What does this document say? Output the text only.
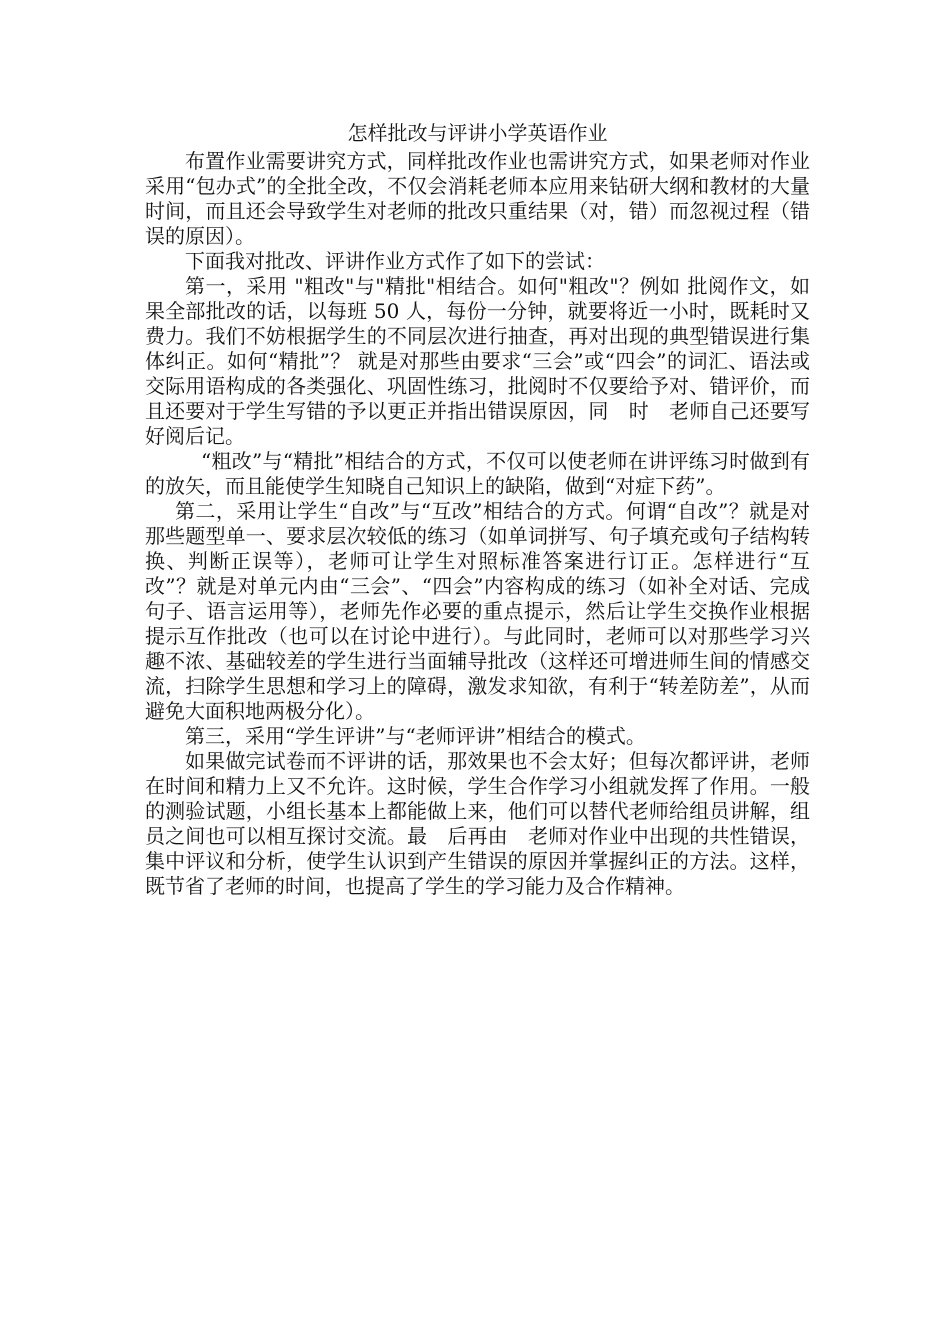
怎样批改与评讲小学英语作业

布置作业需要讲究方式，同样批改作业也需讲究方式，如果老师对作业采用“包办式”的全批全改，不仅会消耗老师本应用来钻研大纲和教材的大量时间，而且还会导致学生对老师的批改只重结果（对，错）而忽视过程（错误的原因）。

下面我对批改、评讲作业方式作了如下的尝试：

第一，采用 "粗改"与"精批"相结合。如何"粗改"？例如 批阅作文，如果全部批改的话，以每班 50 人，每份一分钟，就要将近一小时，既耗时又费力。我们不妨根据学生的不同层次进行抽查，再对出现的典型错误进行集体纠正。如何“精批”？ 就是对那些由要求“三会”或“四会”的词汇、语法或交际用语构成的各类强化、巩固性练习，批阅时不仅要给予对、错评价，而且还要对于学生写错的予以更正并指出错误原因，同　时　老师自己还要写好阅后记。

“粗改”与“精批”相结合的方式，不仅可以使老师在讲评练习时做到有的放矢，而且能使学生知晓自己知识上的缺陷，做到“对症下药”。

第二，采用让学生“自改”与“互改”相结合的方式。何谓“自改”？就是对那些题型单一、要求层次较低的练习（如单词拼写、句子填充或句子结构转换、判断正误等），老师可让学生对照标准答案进行订正。怎样进行“互改”？就是对单元内由“三会”、“四会”内容构成的练习（如补全对话、完成句子、语言运用等），老师先作必要的重点提示，然后让学生交换作业根据提示互作批改（也可以在讨论中进行）。与此同时，老师可以对那些学习兴趣不浓、基础较差的学生进行当面辅导批改（这样还可增进师生间的情感交流，扫除学生思想和学习上的障碍，激发求知欲，有利于“转差防差”，从而避免大面积地两极分化）。

第三，采用“学生评讲”与“老师评讲”相结合的模式。

如果做完试卷而不评讲的话，那效果也不会太好；但每次都评讲，老师在时间和精力上又不允许。这时候，学生合作学习小组就发挥了作用。一般的测验试题，小组长基本上都能做上来，他们可以替代老师给组员讲解，组员之间也可以相互探讨交流。最　后再由　老师对作业中出现的共性错误，集中评议和分析，使学生认识到产生错误的原因并掌握纠正的方法。这样，既节省了老师的时间，也提高了学生的学习能力及合作精神。
